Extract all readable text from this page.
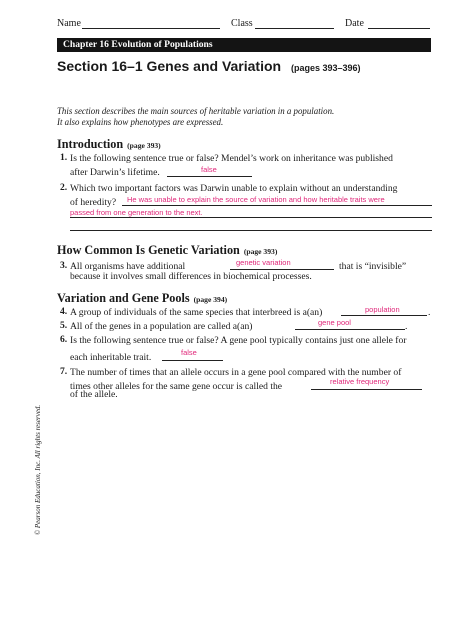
Name	Class	Date
Chapter 16 Evolution of Populations
Section 16–1 Genes and Variation (pages 393–396)
This section describes the main sources of heritable variation in a population.
It also explains how phenotypes are expressed.
Introduction (page 393)
1. Is the following sentence true or false? Mendel’s work on inheritance was published
after Darwin’s lifetime.	false
2. Which two important factors was Darwin unable to explain without an understanding
of heredity? He was unable to explain the source of variation and how heritable traits were
passed from one generation to the next.
How Common Is Genetic Variation (page 393)
3. All organisms have additional	genetic variation	that is “invisible”
because it involves small differences in biochemical processes.
Variation and Gene Pools (page 394)
4. A group of individuals of the same species that interbreed is a(an)	population	.
5. All of the genes in a population are called a(an)	gene pool	.
6. Is the following sentence true or false? A gene pool typically contains just one allele for
each inheritable trait.	false
7. The number of times that an allele occurs in a gene pool compared with the number of
times other alleles for the same gene occur is called the	relative frequency
of the allele.
© Pearson Education, Inc. All rights reserved.
